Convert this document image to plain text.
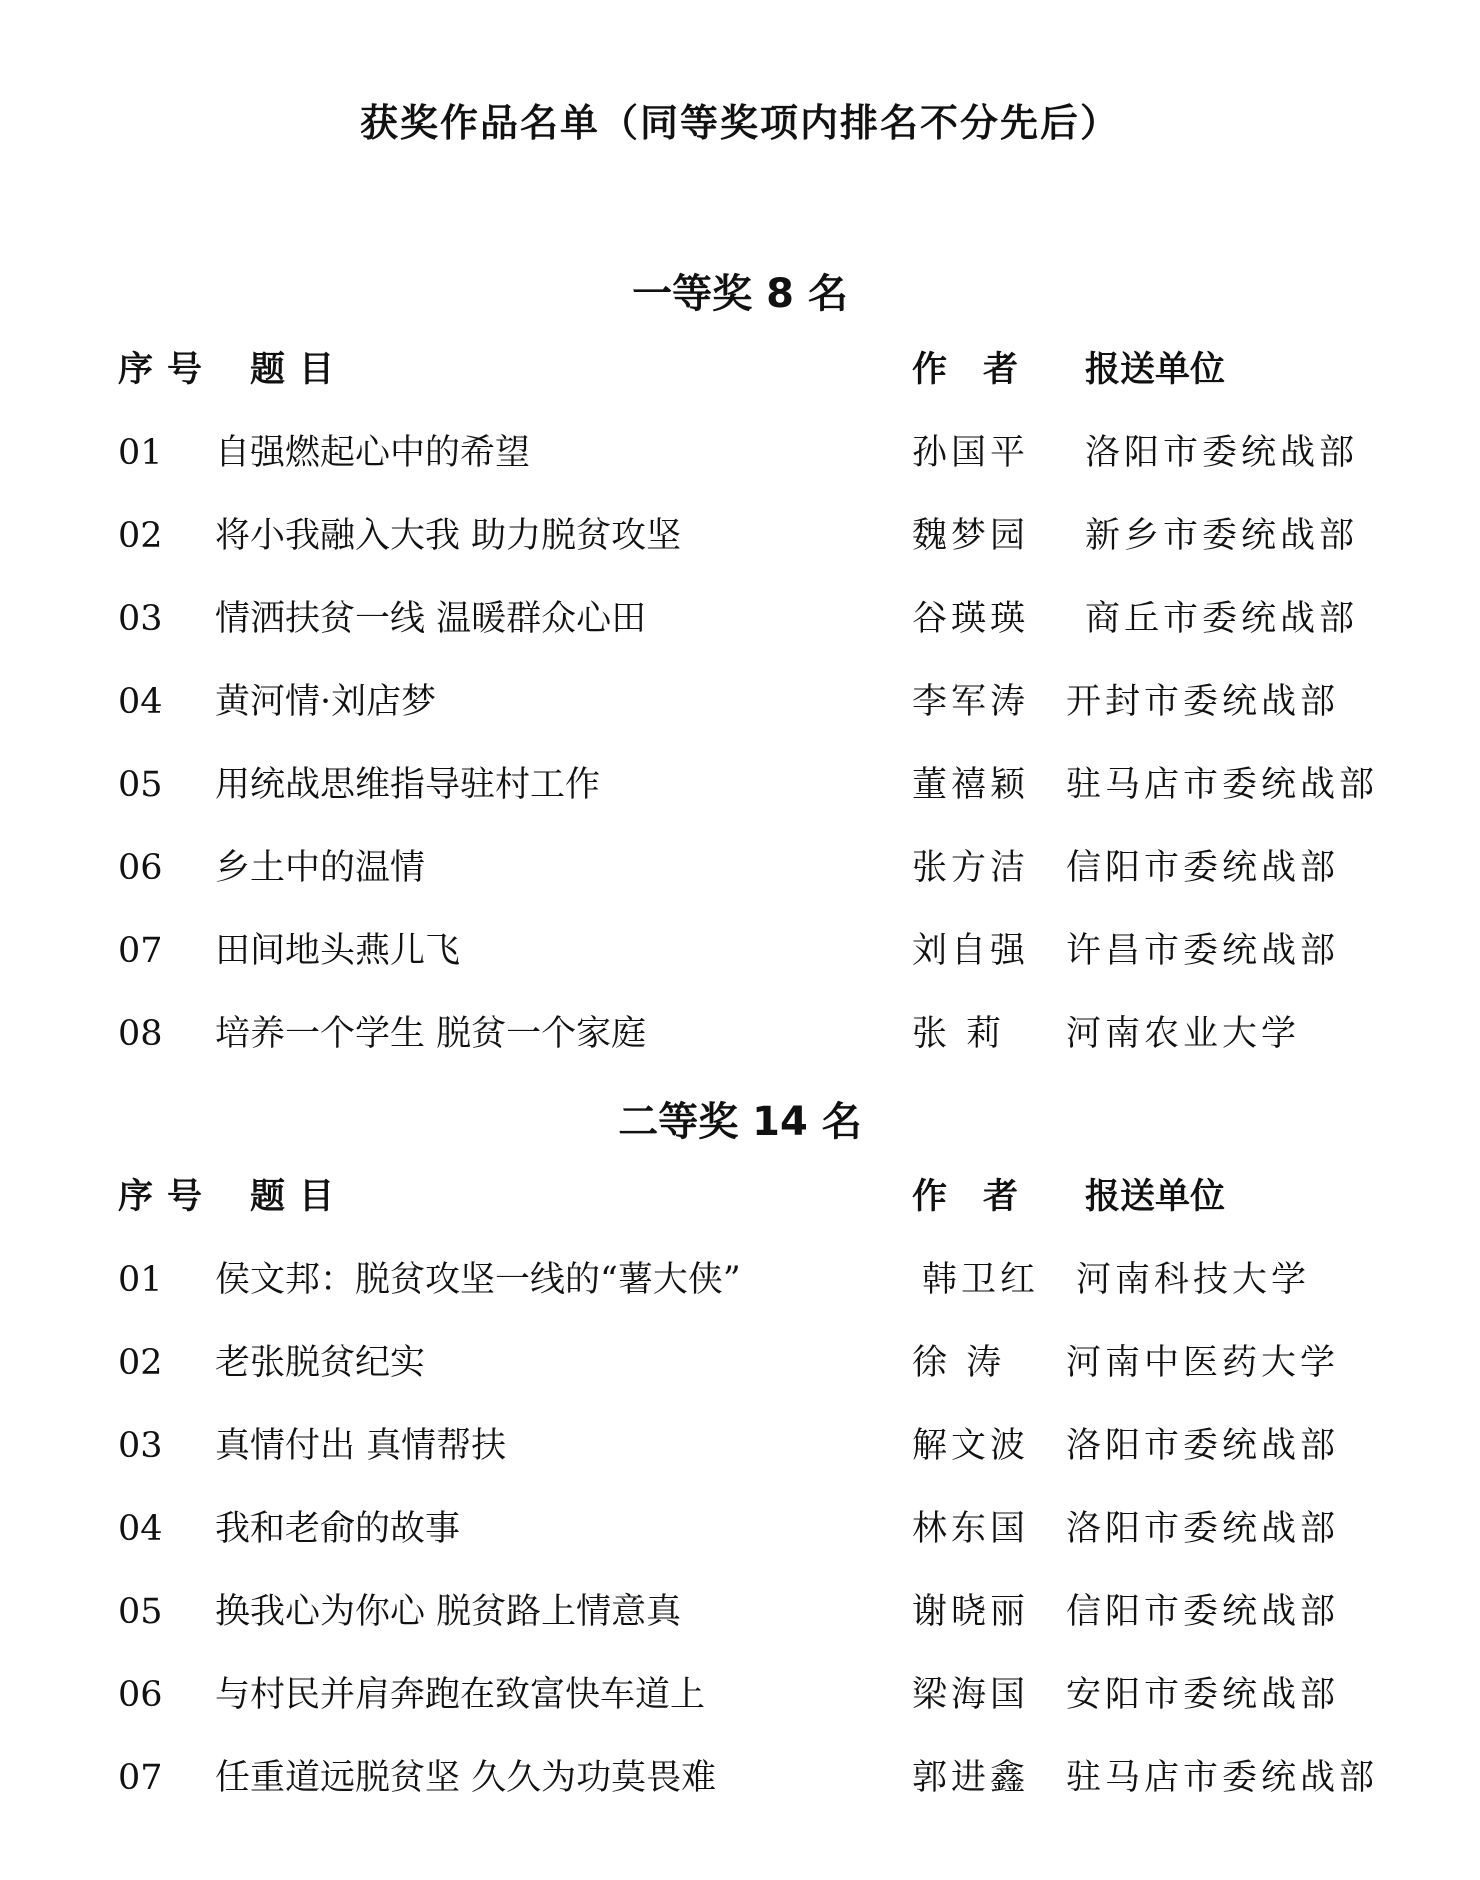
获奖作品名单（同等奖项内排名不分先后）
一等奖 8 名
序号 题目	作者 报送单位
01 自强燃起心中的希望	孙国平 洛阳市委统战部
02 将小我融入大我 助力脱贫攻坚	魏梦园 新乡市委统战部
03 情洒扶贫一线 温暖群众心田	谷瑛瑛 商丘市委统战部
04 黄河情·刘店梦	李军涛 开封市委统战部
05 用统战思维指导驻村工作	董禧颖 驻马店市委统战部
06 乡土中的温情	张方洁 信阳市委统战部
07 田间地头燕儿飞	刘自强 许昌市委统战部
08 培养一个学生 脱贫一个家庭	张 莉 河南农业大学
二等奖 14 名
序号 题目	作者 报送单位
01 侯文邦：脱贫攻坚一线的“薯大侠”	韩卫红 河南科技大学
02 老张脱贫纪实	徐 涛 河南中医药大学
03 真情付出 真情帮扶	解文波 洛阳市委统战部
04 我和老俞的故事	林东国 洛阳市委统战部
05 换我心为你心 脱贫路上情意真	谢晓丽 信阳市委统战部
06 与村民并肩奔跑在致富快车道上	梁海国 安阳市委统战部
07 任重道远脱贫坚 久久为功莫畏难	郭进鑫 驻马店市委统战部
